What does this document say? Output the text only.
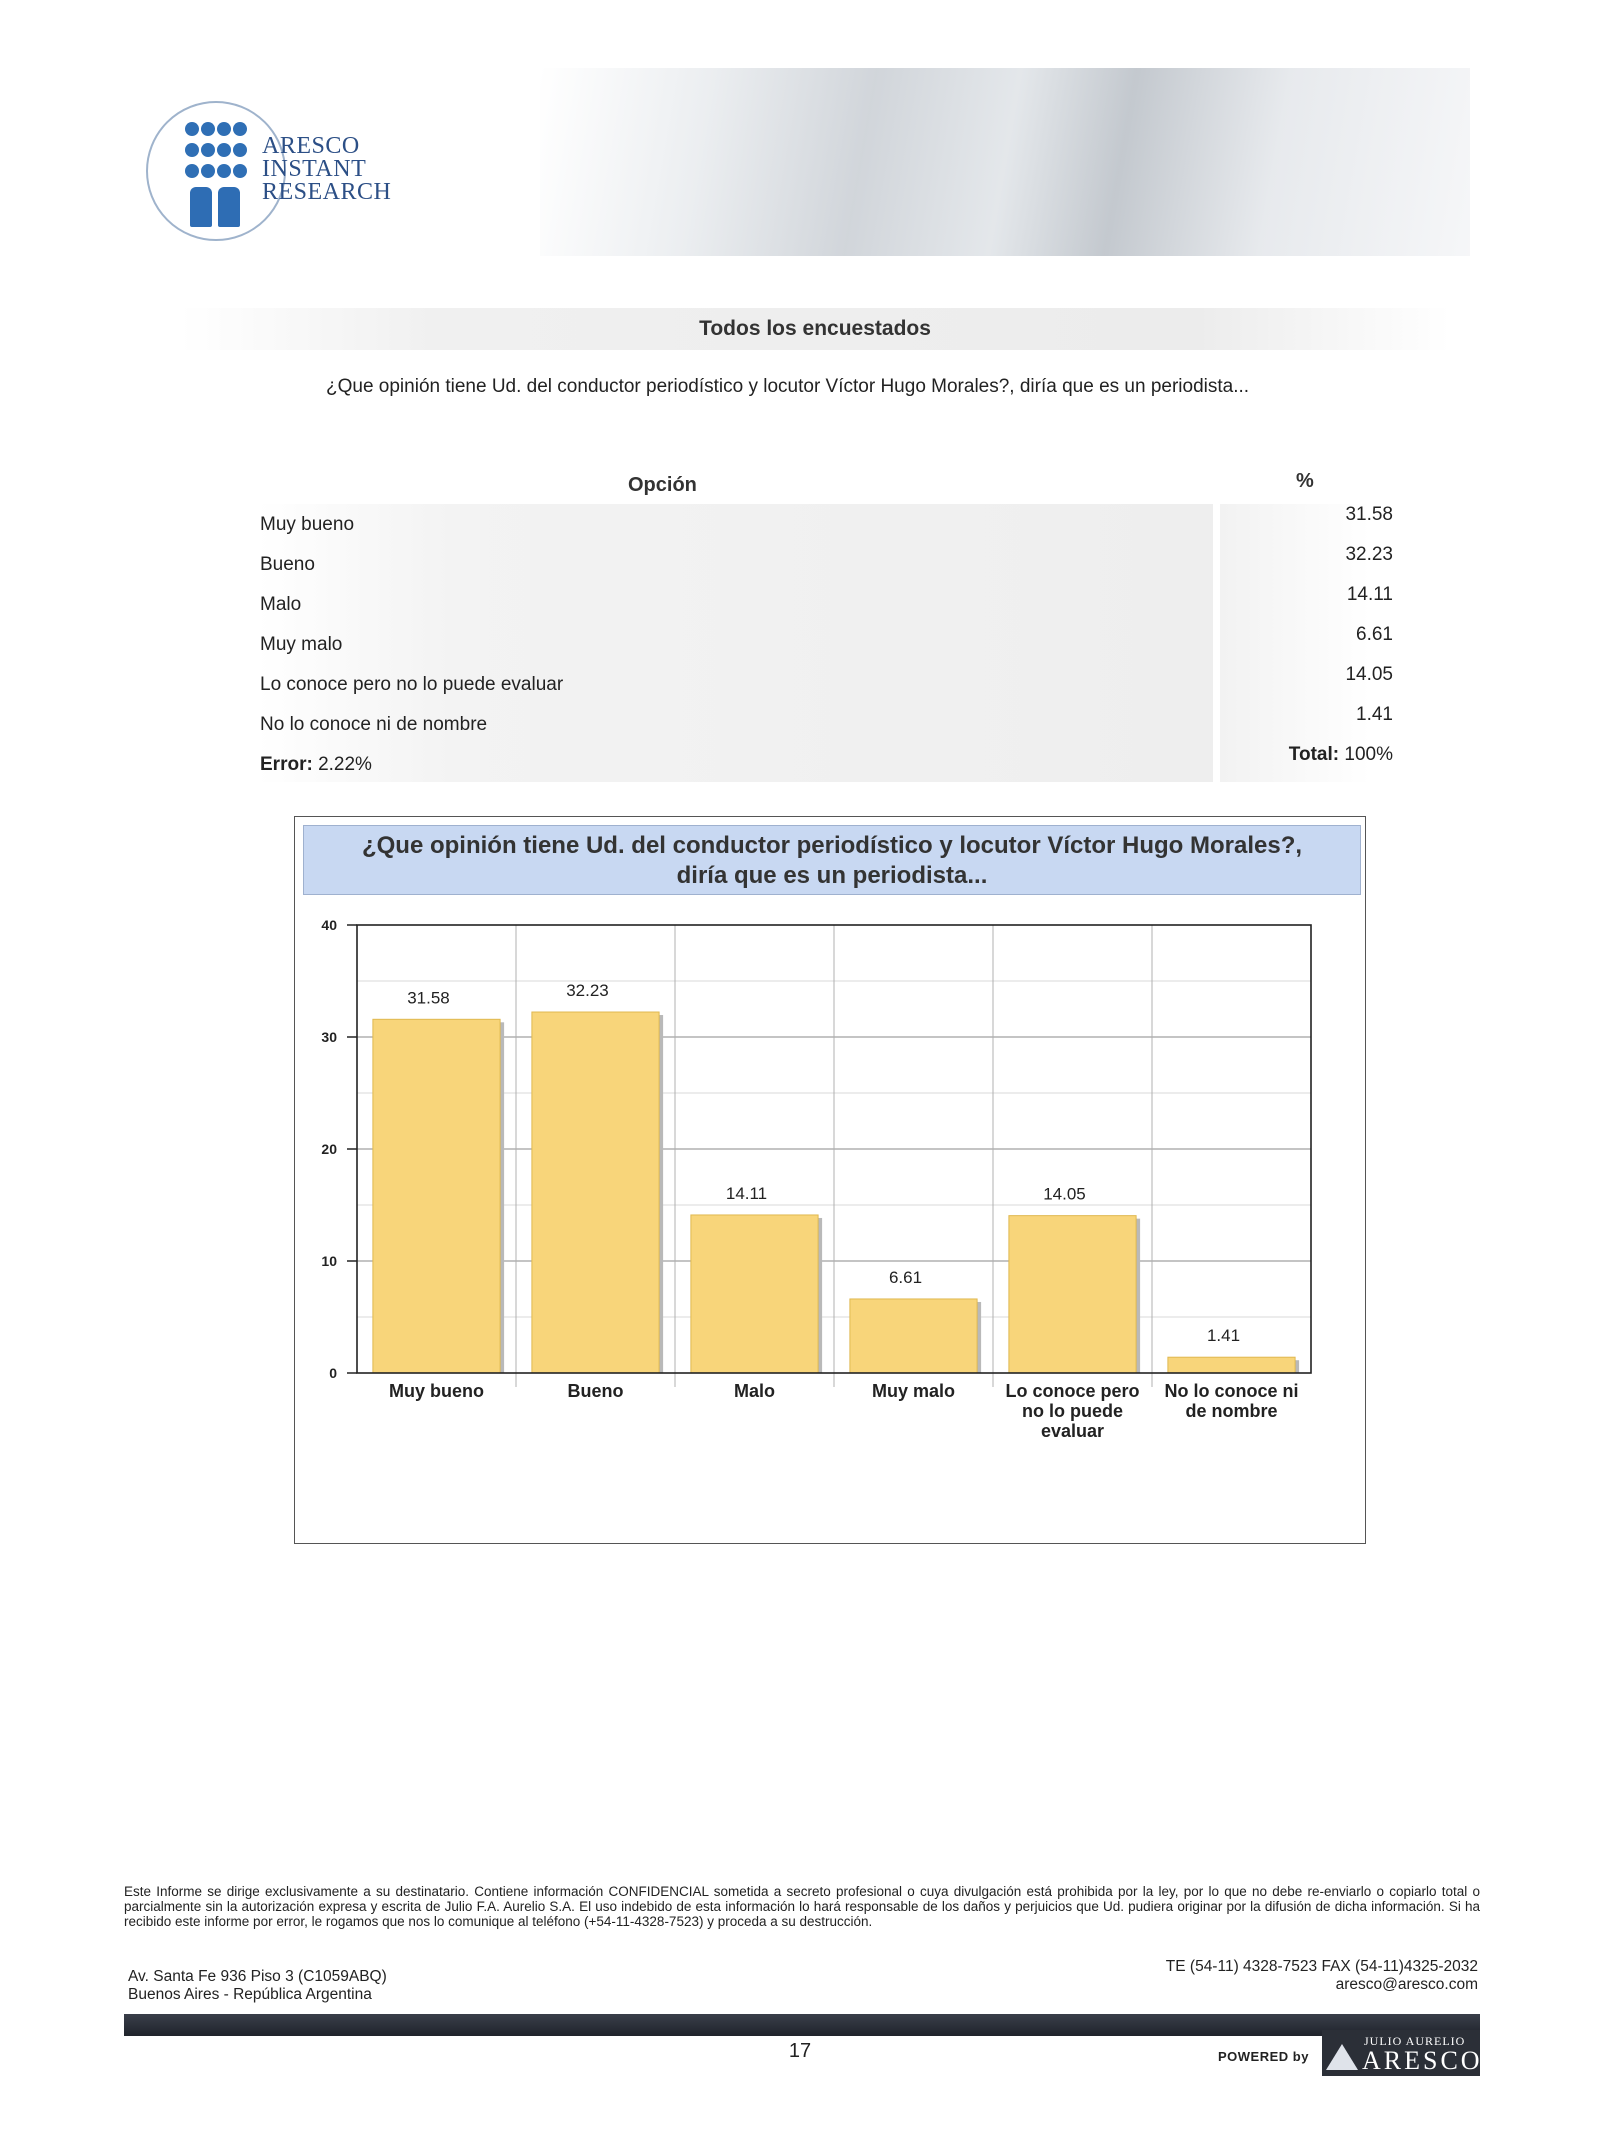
ARESCO
INSTANT
RESEARCH
Todos los encuestados
¿Que opinión tiene Ud. del conductor periodístico y locutor Víctor Hugo Morales?, diría que es un periodista...
Opción	%
Muy bueno	31.58
Bueno	32.23
Malo	14.11
Muy malo	6.61
Lo conoce pero no lo puede evaluar	14.05
No lo conoce ni de nombre	1.41
Error: 2.22%	Total: 100%
¿Que opinión tiene Ud. del conductor periodístico y locutor Víctor Hugo Morales?,
diría que es un periodista...
31.58	32.23
14.11
6.61
14.05
1.41
0
10
20
30
40
Muy bueno	Bueno	Malo	Muy malo	Lo conoce pero
no lo puede
evaluar
No lo conoce ni
de nombre
Este Informe se dirige exclusivamente a su destinatario. Contiene información CONFIDENCIAL sometida a secreto profesional o cuya divulgación está prohibida por la ley, por lo que no debe re-enviarlo o copiarlo total o parcialmente sin la autorización expresa y escrita de Julio F.A. Aurelio S.A. El uso indebido de esta información lo hará responsable de los daños y perjuicios que Ud. pudiera originar por la difusión de dicha información. Si ha recibido este informe por error, le rogamos que nos lo comunique al teléfono (+54-11-4328-7523) y proceda a su destrucción.
Av. Santa Fe 936 Piso 3 (C1059ABQ)
Buenos Aires - República Argentina
TE (54-11) 4328-7523 FAX (54-11)4325-2032
aresco@aresco.com
17	POWERED by
JULIO AURELIO
ARESCO
